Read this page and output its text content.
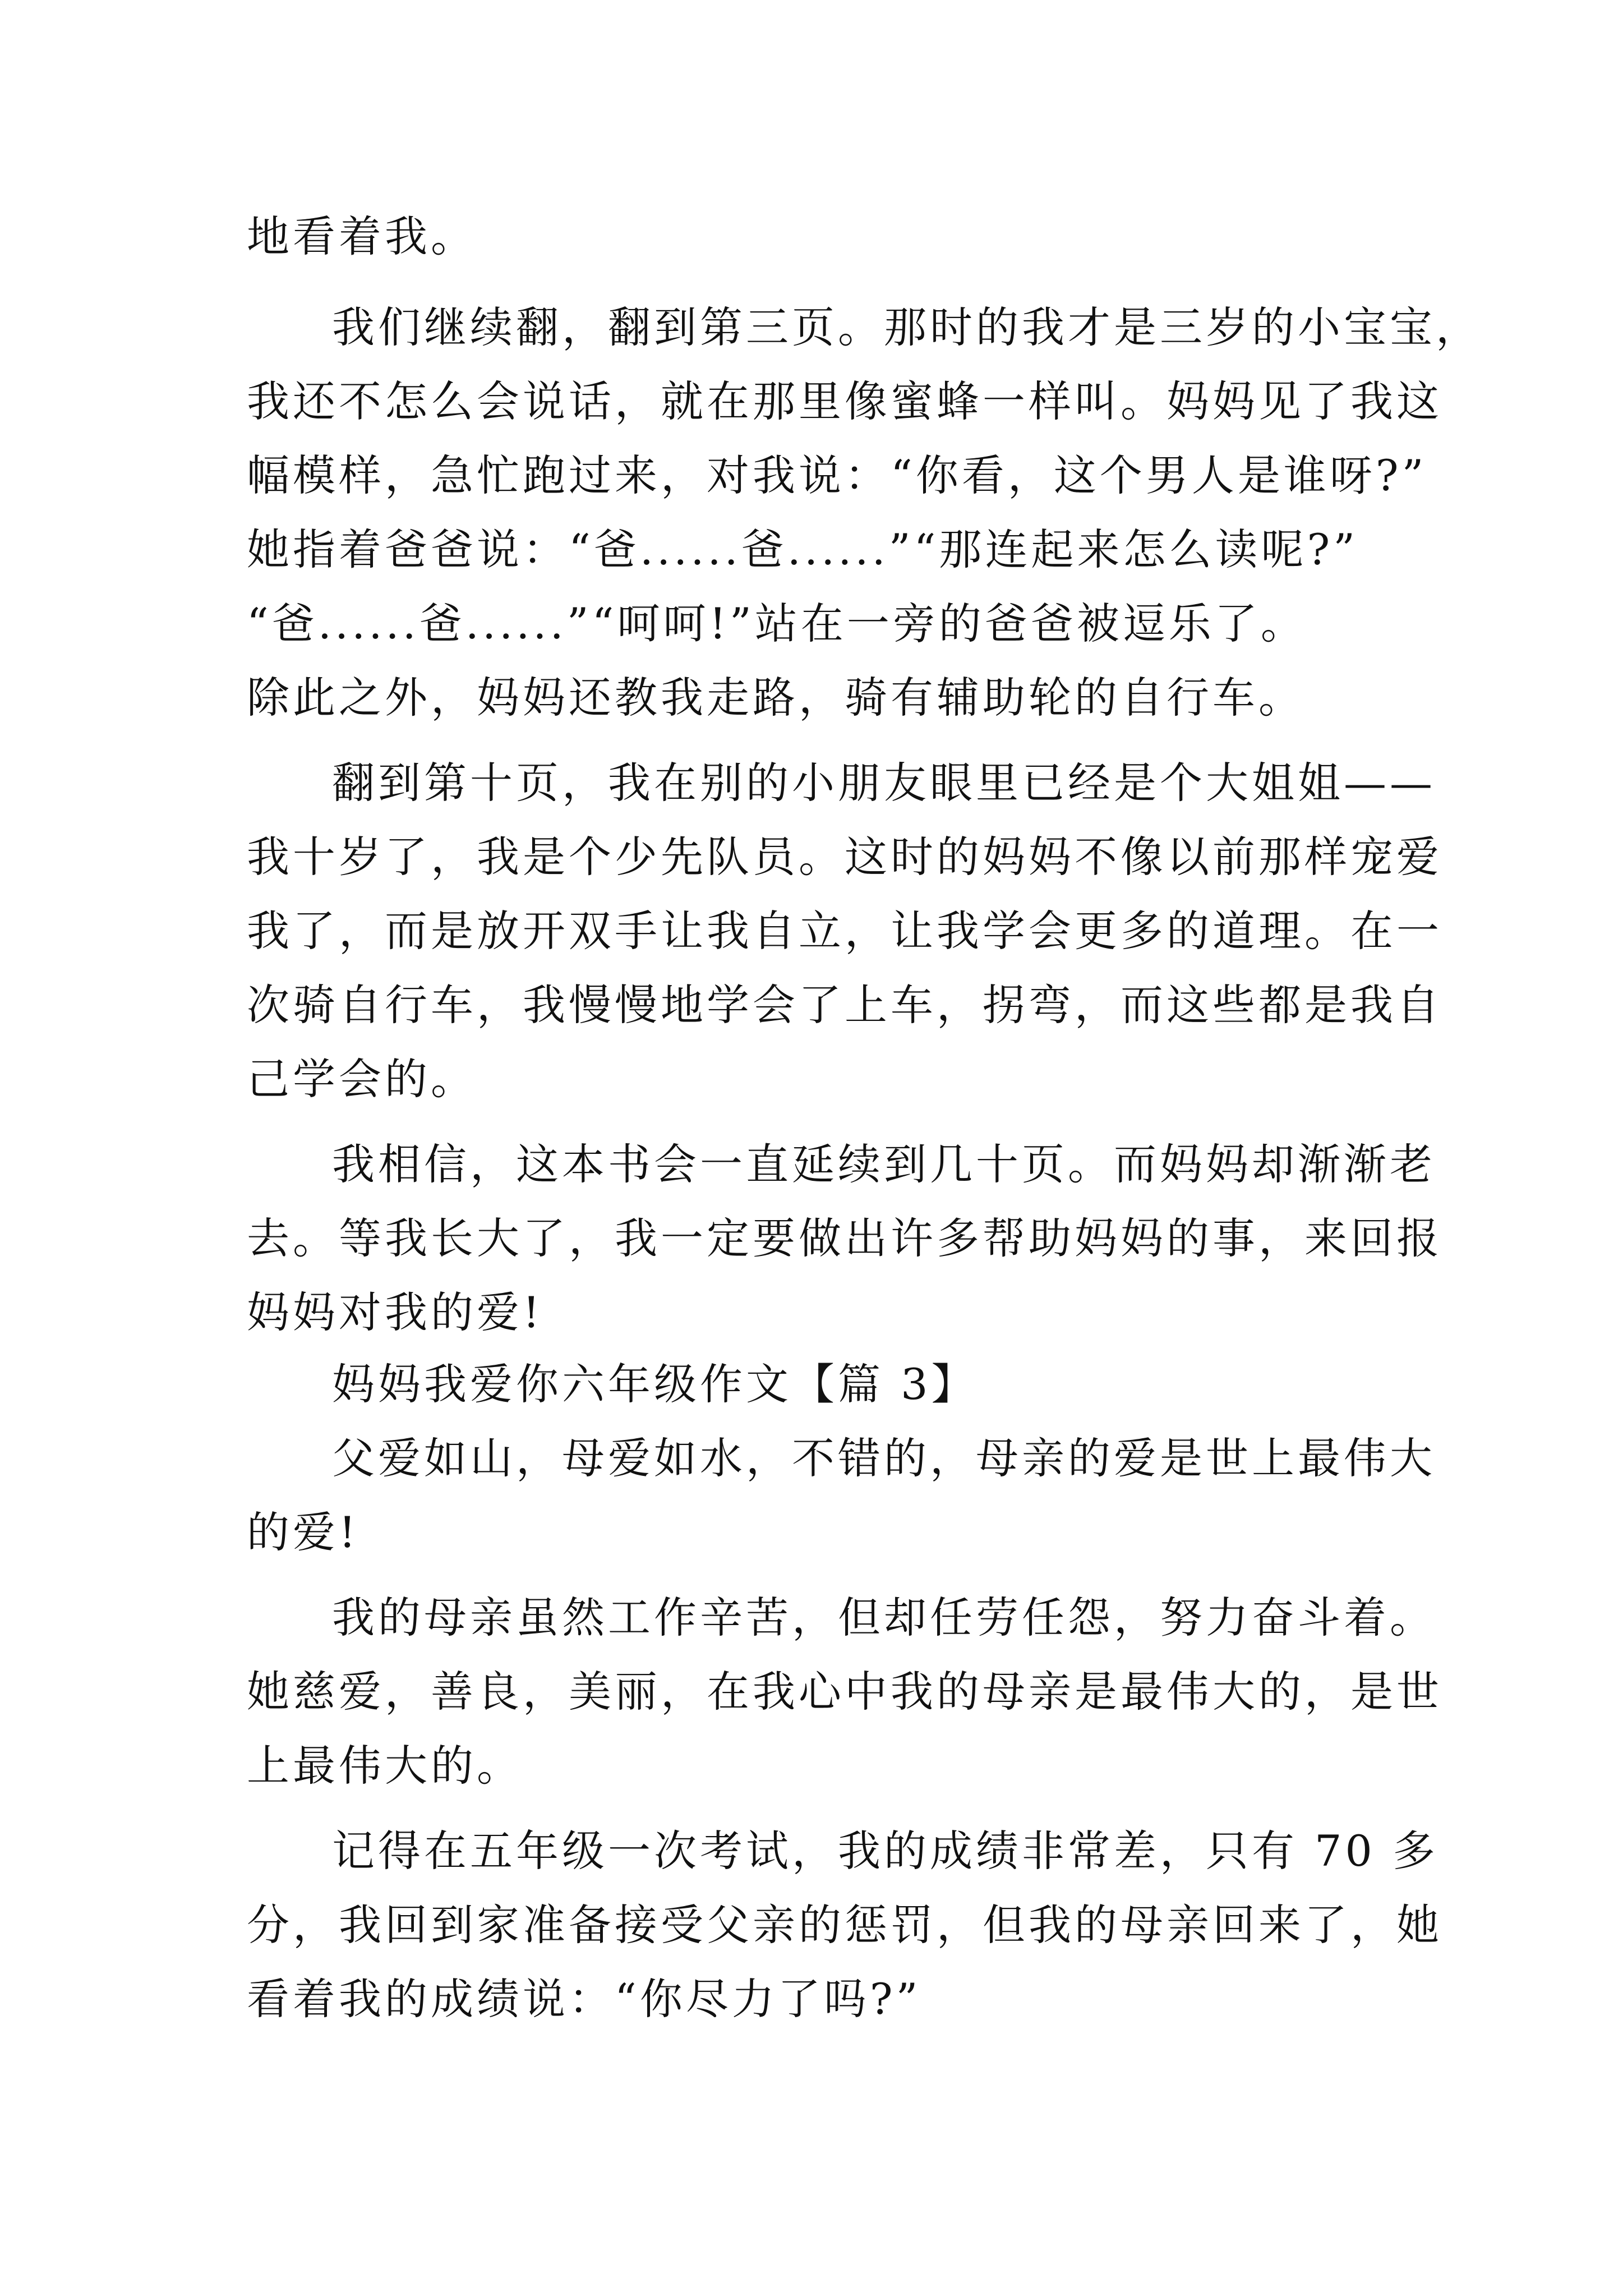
地看着我。
我们继续翻，翻到第三页。那时的我才是三岁的小宝宝，
我还不怎么会说话，就在那里像蜜蜂一样叫。妈妈见了我这
幅模样，急忙跑过来，对我说：“你看，这个男人是谁呀?”
她指着爸爸说：“爸......爸......”“那连起来怎么读呢?”
“爸......爸......”“呵呵!”站在一旁的爸爸被逗乐了。
除此之外，妈妈还教我走路，骑有辅助轮的自行车。
翻到第十页，我在别的小朋友眼里已经是个大姐姐——
我十岁了，我是个少先队员。这时的妈妈不像以前那样宠爱
我了，而是放开双手让我自立，让我学会更多的道理。在一
次骑自行车，我慢慢地学会了上车，拐弯，而这些都是我自
己学会的。
我相信，这本书会一直延续到几十页。而妈妈却渐渐老
去。等我长大了，我一定要做出许多帮助妈妈的事，来回报
妈妈对我的爱!
妈妈我爱你六年级作文【篇 3】
父爱如山，母爱如水，不错的，母亲的爱是世上最伟大
的爱!
我的母亲虽然工作辛苦，但却任劳任怨，努力奋斗着。
她慈爱，善良，美丽，在我心中我的母亲是最伟大的，是世
上最伟大的。
记得在五年级一次考试，我的成绩非常差，只有 70 多
分，我回到家准备接受父亲的惩罚，但我的母亲回来了，她
看着我的成绩说：“你尽力了吗?”
